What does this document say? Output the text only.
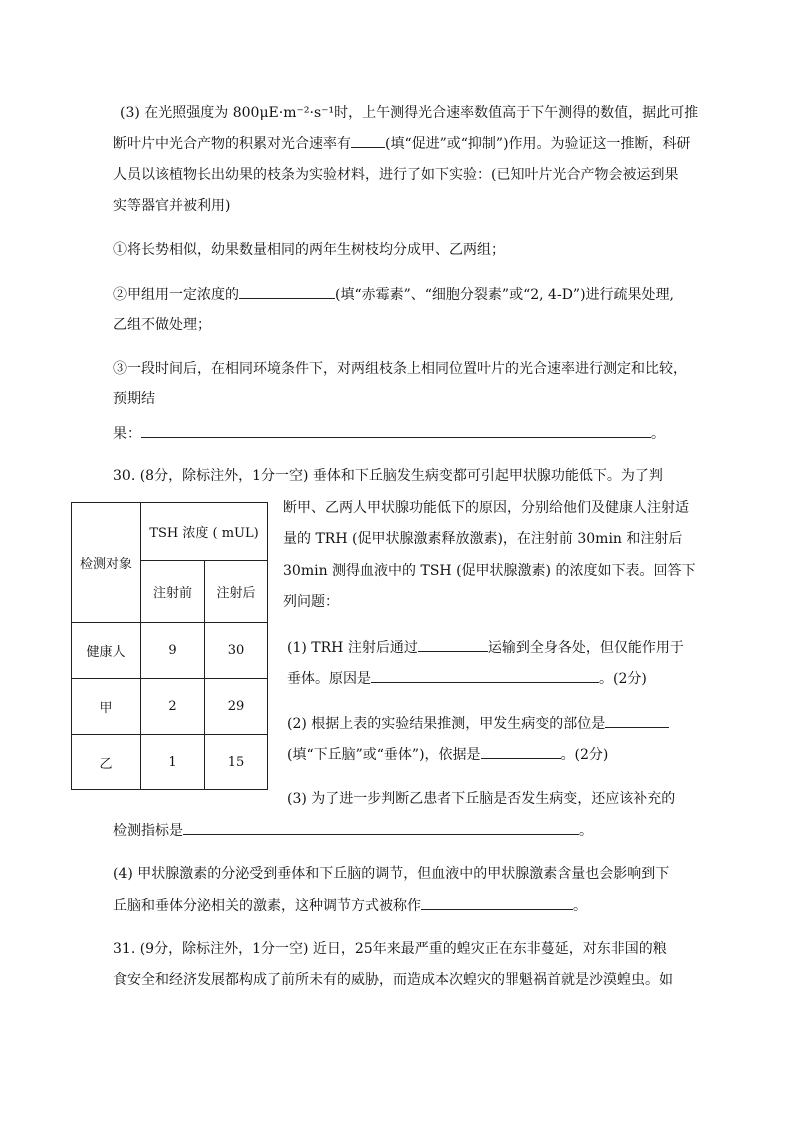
(3) 在光照强度为 800μE·m⁻²·s⁻¹时，上午测得光合速率数值高于下午测得的数值，据此可推
断叶片中光合产物的积累对光合速率有 (填“促进”或“抑制”)作用。为验证这一推断，科研
人员以该植物长出幼果的枝条为实验材料，进行了如下实验：(已知叶片光合产物会被运到果
实等器官并被利用)
①将长势相似，幼果数量相同的两年生树枝均分成甲、乙两组；
②甲组用一定浓度的	(填“赤霉素”、“细胞分裂素”或“2, 4-D”)进行疏果处理,
乙组不做处理；
③一段时间后，在相同环境条件下，对两组枝条上相同位置叶片的光合速率进行测定和比较，
预期结
果：	。
30. (8分，除标注外，1分一空) 垂体和下丘脑发生病变都可引起甲状腺功能低下。为了判
检测对象	TSH 浓度 ( mUL)	
	注射前	注射后
健康人	9	30
甲	2	29
乙	1	15
断甲、乙两人甲状腺功能低下的原因，分别给他们及健康人注射适
量的 TRH (促甲状腺激素释放激素)，在注射前 30min 和注射后
30min 测得血液中的 TSH (促甲状腺激素) 的浓度如下表。回答下
列问题：
(1) TRH 注射后通过	运输到全身各处，但仅能作用于
垂体。原因是	。(2分)
(2) 根据上表的实验结果推测，甲发生病变的部位是
(填“下丘脑”或“垂体”)，依据是	。(2分)
(3) 为了进一步判断乙患者下丘脑是否发生病变，还应该补充的
检测指标是	。
(4) 甲状腺激素的分泌受到垂体和下丘脑的调节，但血液中的甲状腺激素含量也会影响到下
丘脑和垂体分泌相关的激素，这种调节方式被称作	。
31. (9分，除标注外，1分一空) 近日，25年来最严重的蝗灾正在东非蔓延，对东非国的粮
食安全和经济发展都构成了前所未有的威胁，而造成本次蝗灾的罪魁祸首就是沙漠蝗虫。如
